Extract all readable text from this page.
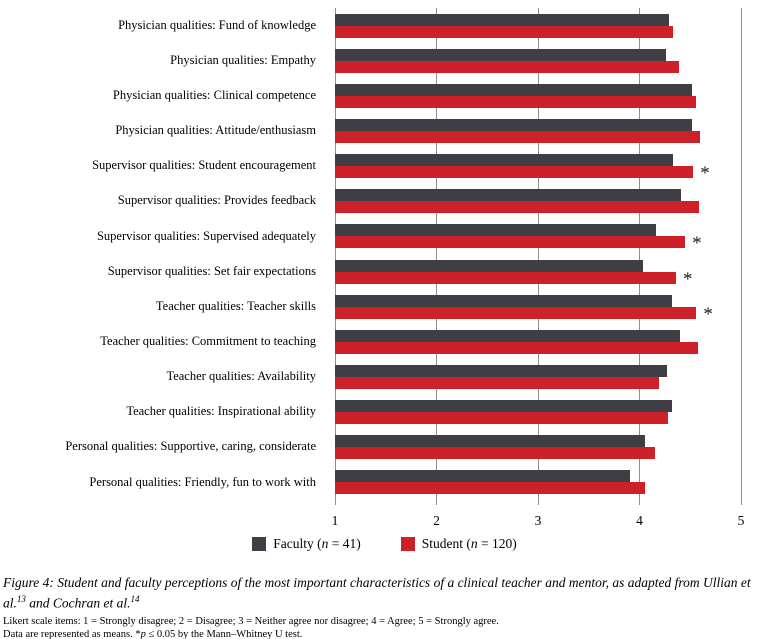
Physician qualities: Fund of knowledge
Physician qualities: Empathy
Physician qualities: Clinical competence
Physician qualities: Attitude/enthusiasm
Supervisor qualities: Student encouragement	*
Supervisor qualities: Provides feedback
Supervisor qualities: Supervised adequately	*
Supervisor qualities: Set fair expectations	*
Teacher qualities: Teacher skills	*
Teacher qualities: Commitment to teaching
Teacher qualities: Availability
Teacher qualities: Inspirational ability
Personal qualities: Supportive, caring, considerate
Personal qualities: Friendly, fun to work with
1	2	3	4	5
Faculty (n = 41)	Student (n = 120)
Figure 4: Student and faculty perceptions of the most important characteristics of a clinical teacher and mentor, as adapted from Ullian et al.$^{13}$ and Cochran et al.$^{14}$
Likert scale items: 1 = Strongly disagree; 2 = Disagree; 3 = Neither agree nor disagree; 4 = Agree; 5 = Strongly agree.
Data are represented as means. *p ≤ 0.05 by the Mann–Whitney U test.
